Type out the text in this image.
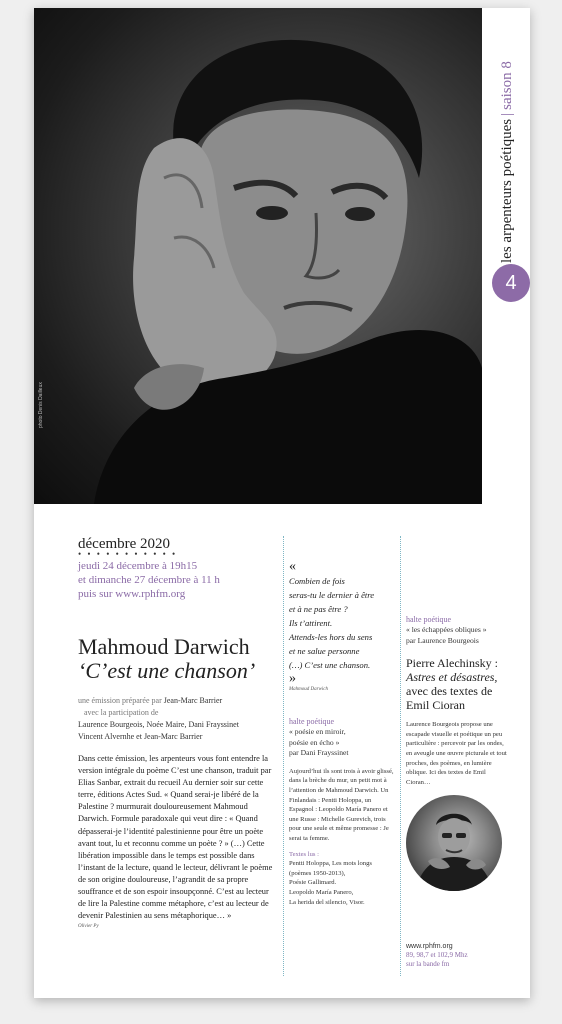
photo Denis Dailleux
les arpenteurs poétiques|saison 8
4

décembre 2020

• • • • • • • • • • •

jeudi 24 décembre à 19h15
et dimanche 27 décembre à 11 h
puis sur www.rphfm.org
Mahmoud Darwich
‘C’est une chanson’
une émission préparée par Jean-Marc Barrier
avec la participation de
Laurence Bourgeois, Noée Maire, Dani Frayssinet
Vincent Alvernhe et Jean-Marc Barrier
Dans cette émission, les arpenteurs vous font entendre la version intégrale du poème C’est une chanson, traduit par Elias Sanbar, extrait du recueil Au dernier soir sur cette terre, éditions Actes Sud. « Quand serai-je libéré de la Palestine ? murmurait douloureusement Mahmoud Darwich. Formule paradoxale qui veut dire : « Quand dépasserai-je l’identité palestinienne pour être un poète avant tout, lu et reconnu comme un poète ? » (…) Cette libération impossible dans le temps est possible dans l’instant de la lecture, quand le lecteur, délivrant le poème de son origine douloureuse, l’agrandit de sa propre souffrance et de son espoir insoupçonné. C’est au lecteur de lire la Palestine comme métaphore, c’est au lecteur de devenir Palestinien au sens métaphorique… »
Olivier Py
«
Combien de fois
seras-tu le dernier à être
et à ne pas être ?
Ils t’attirent.
Attends-les hors du sens
et ne salue personne
(…) C’est une chanson.
»
Mahmoud Darwich
halte poétique
« poésie en miroir,
poésie en écho »
par Dani Frayssinet
Aujourd’hui ils sont trois à avoir glissé, dans la brèche du mur, un petit mot à l’attention de Mahmoud Darwich. Un Finlandais : Pentti Holoppa, un Espagnol : Leopoldo María Panero et une Russe : Michelle Gurevich, trois pour une seule et même promesse : Je serai ta femme.
Textes lus :
Pentti Holoppa, Les mots longs (poèmes 1950-2013),
Poésie Gallimard.
Leopoldo María Panero,
La herida del silencio, Visor.
halte poétique
« les échappées obliques »
par Laurence Bourgeois
Pierre Alechinsky :
Astres et désastres,
avec des textes de
Emil Cioran
Laurence Bourgeois propose une escapade visuelle et poétique un peu particulière : percevoir par les ondes, en aveugle une œuvre picturale et tout proches, des poèmes, en lumière oblique. Ici des textes de Emil Cioran…
www.rphfm.org
89, 98,7 et 102,9 Mhz
sur la bande fm
